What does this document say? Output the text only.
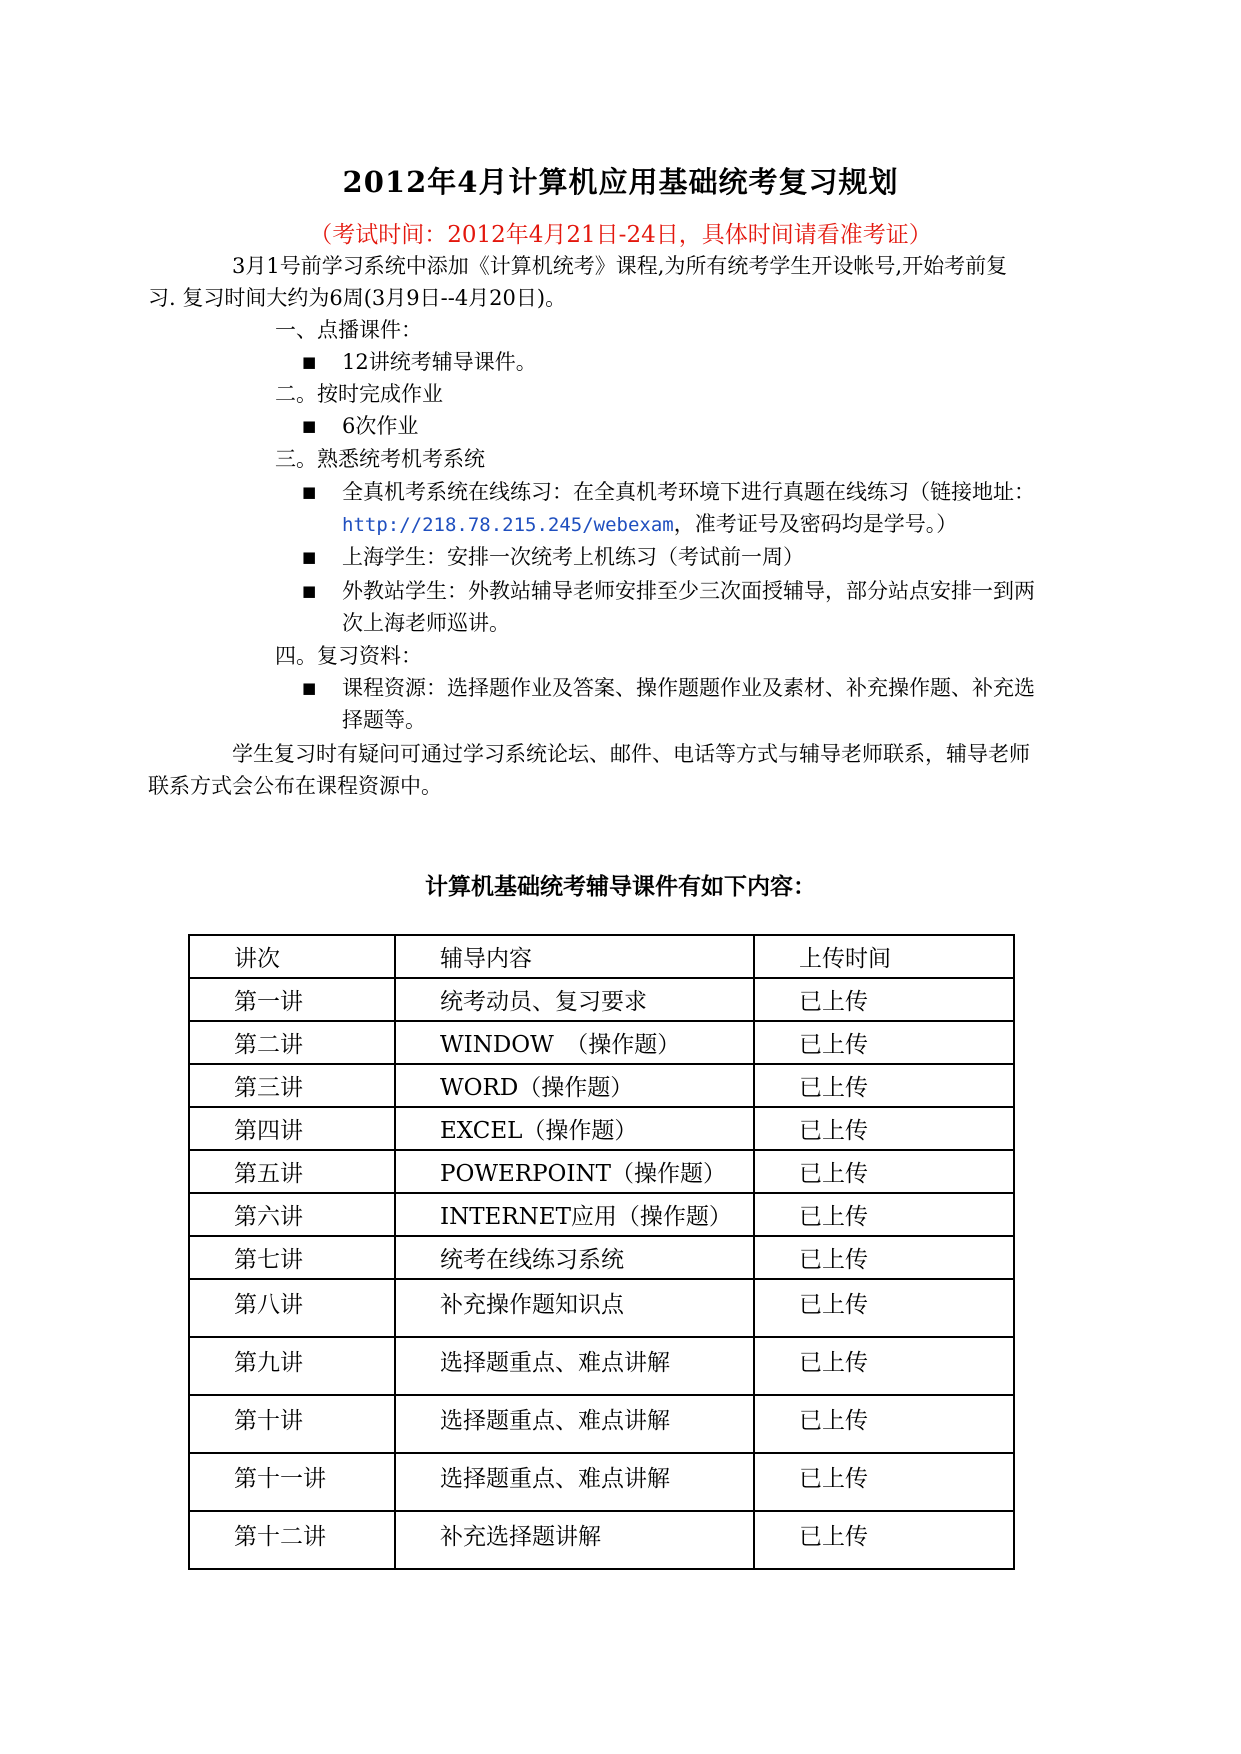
2012年4月计算机应用基础统考复习规划
（考试时间：2012年4月21日-24日，具体时间请看准考证）
3月1号前学习系统中添加《计算机统考》课程,为所有统考学生开设帐号,开始考前复
习. 复习时间大约为6周(3月9日--4月20日)。
一、点播课件：
■	12讲统考辅导课件。
二。按时完成作业
■	6次作业
三。熟悉统考机考系统
■	全真机考系统在线练习：在全真机考环境下进行真题在线练习（链接地址：
http://218.78.215.245/webexam，准考证号及密码均是学号。）
■	上海学生：安排一次统考上机练习（考试前一周）
■	外教站学生：外教站辅导老师安排至少三次面授辅导，部分站点安排一到两
次上海老师巡讲。
四。复习资料：
■	课程资源：选择题作业及答案、操作题题作业及素材、补充操作题、补充选
择题等。
学生复习时有疑问可通过学习系统论坛、邮件、电话等方式与辅导老师联系，辅导老师
联系方式会公布在课程资源中。
计算机基础统考辅导课件有如下内容：
讲次	辅导内容	上传时间
第一讲	统考动员、复习要求	已上传
第二讲	WINDOW　（操作题）	已上传
第三讲	WORD（操作题）	已上传
第四讲	EXCEL（操作题）	已上传
第五讲	POWERPOINT（操作题）	已上传
第六讲	INTERNET应用（操作题）	已上传
第七讲	统考在线练习系统	已上传
第八讲	补充操作题知识点	已上传
第九讲	选择题重点、难点讲解	已上传
第十讲	选择题重点、难点讲解	已上传
第十一讲	选择题重点、难点讲解	已上传
第十二讲	补充选择题讲解	已上传
